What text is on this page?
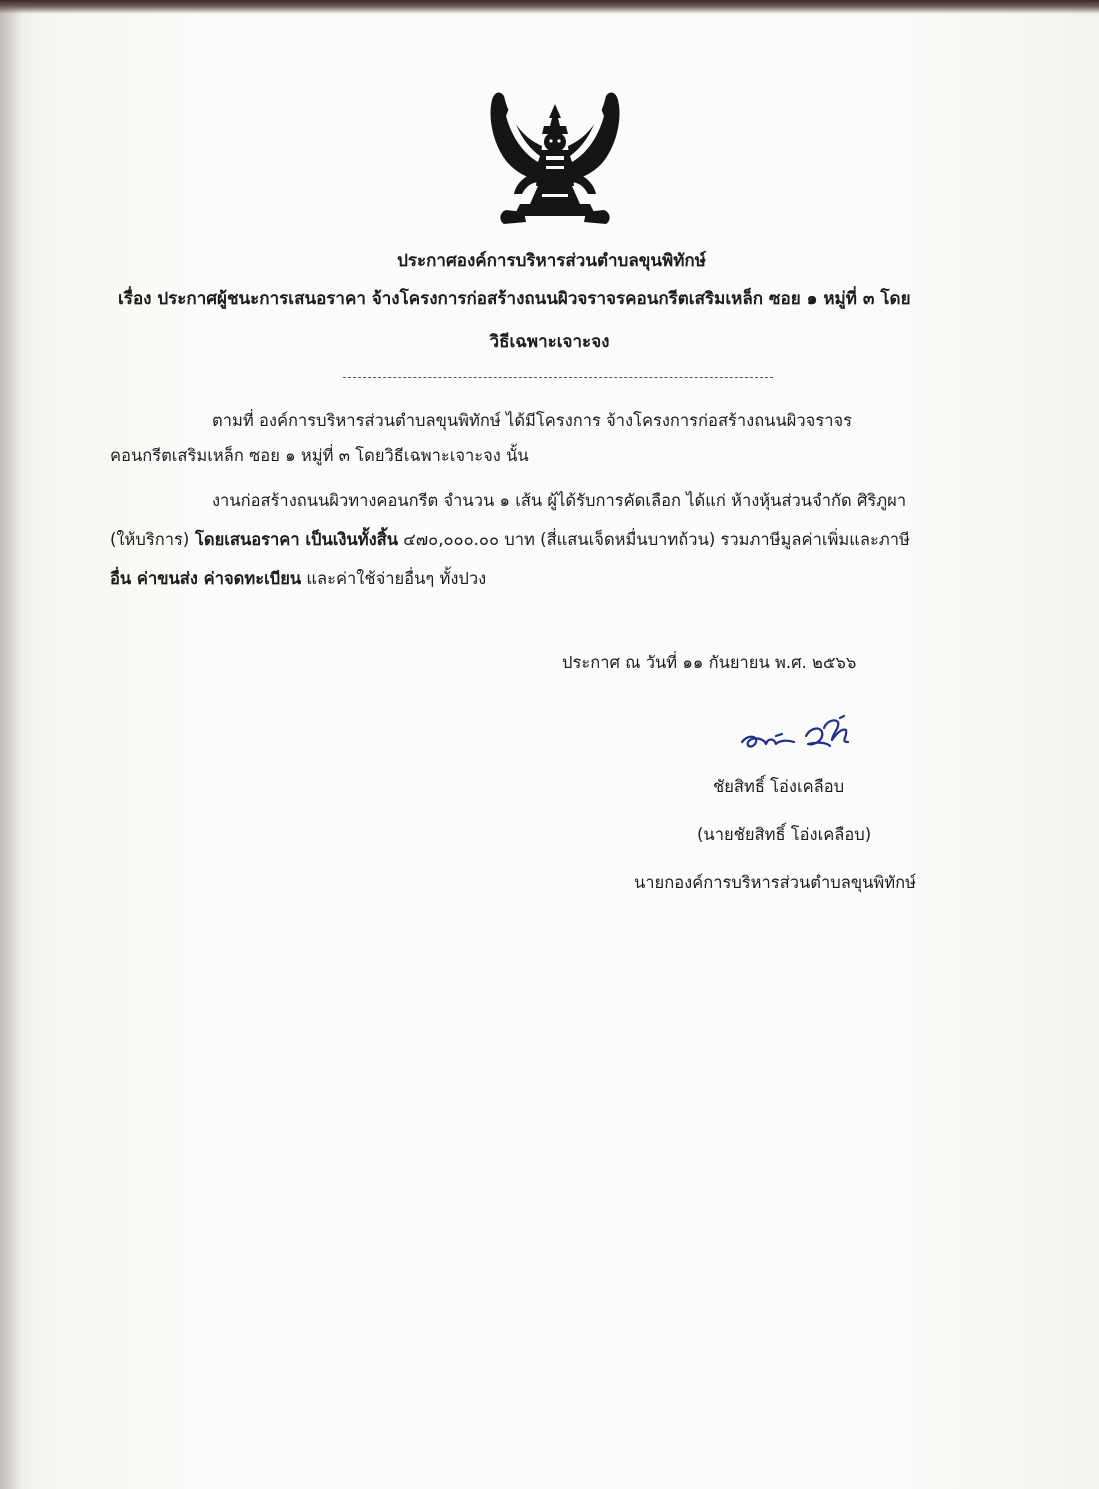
ประกาศองค์การบริหารส่วนตำบลขุนพิทักษ์
เรื่อง ประกาศผู้ชนะการเสนอราคา จ้างโครงการก่อสร้างถนนผิวจราจรคอนกรีตเสริมเหล็ก ซอย ๑ หมู่ที่ ๓ โดย
วิธีเฉพาะเจาะจง
ตามที่ องค์การบริหารส่วนตำบลขุนพิทักษ์ ได้มีโครงการ จ้างโครงการก่อสร้างถนนผิวจราจร
คอนกรีตเสริมเหล็ก ซอย ๑ หมู่ที่ ๓ โดยวิธีเฉพาะเจาะจง นั้น
งานก่อสร้างถนนผิวทางคอนกรีต จำนวน ๑ เส้น ผู้ได้รับการคัดเลือก ได้แก่ ห้างหุ้นส่วนจำกัด ศิริภูผา
(ให้บริการ) โดยเสนอราคา เป็นเงินทั้งสิ้น ๔๗๐,๐๐๐.๐๐ บาท (สี่แสนเจ็ดหมื่นบาทถ้วน) รวมภาษีมูลค่าเพิ่มและภาษี
อื่น ค่าขนส่ง ค่าจดทะเบียน และค่าใช้จ่ายอื่นๆ ทั้งปวง
ประกาศ ณ วันที่ ๑๑ กันยายน พ.ศ. ๒๕๖๖
ชัยสิทธิ์ โอ่งเคลือบ
(นายชัยสิทธิ์ โอ่งเคลือบ)
นายกองค์การบริหารส่วนตำบลขุนพิทักษ์
